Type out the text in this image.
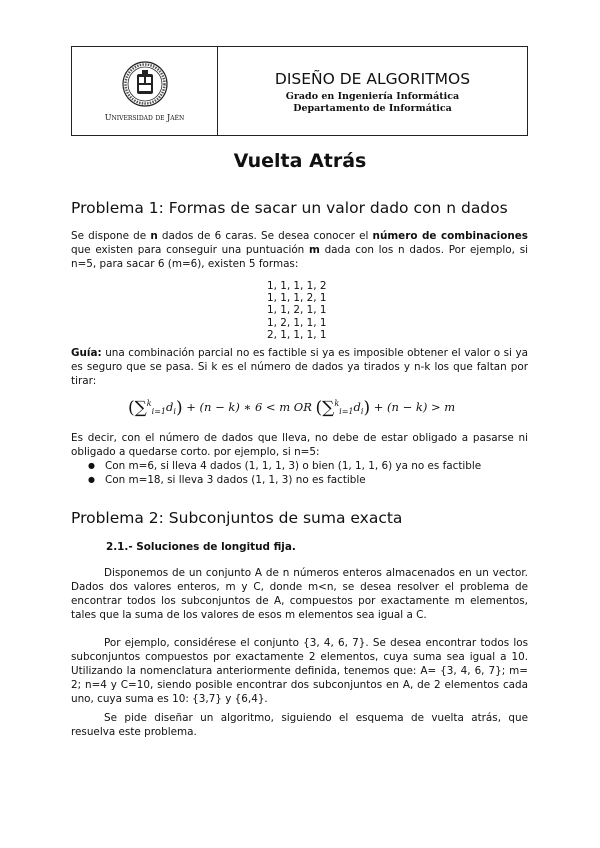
Universidad de Jaén
DISEÑO DE ALGORITMOS
Grado en Ingeniería Informática
Departamento de Informática
Vuelta Atrás
Problema 1: Formas de sacar un valor dado con n dados

Se dispone de n dados de 6 caras. Se desea conocer el número de combinaciones que existen para conseguir una puntuación m dada con los n dados. Por ejemplo, si n=5, para sacar 6 (m=6), existen 5 formas:

1, 1, 1, 1, 2
1, 1, 1, 2, 1
1, 1, 2, 1, 1
1, 2, 1, 1, 1
2, 1, 1, 1, 1

Guía: una combinación parcial no es factible si ya es imposible obtener el valor o si ya es seguro que se pasa. Si k es el número de dados ya tirados y n-k los que faltan por tirar:

$(\sum^k_{i=1}d_i) + (n - k)$ ∗ 6 < m OR $(\sum^k_{i=1}d_i) + (n - k) > m$

Es decir, con el número de dados que lleva, no debe de estar obligado a pasarse ni obligado a quedarse corto. por ejemplo, si n=5:

● Con m=6, si lleva 4 dados (1, 1, 1, 3) o bien (1, 1, 1, 6) ya no es factible
● Con m=18, si lleva 3 dados (1, 1, 3) no es factible
Problema 2: Subconjuntos de suma exacta
2.1.- Soluciones de longitud fija.

Disponemos de un conjunto A de n números enteros almacenados en un vector. Dados dos valores enteros, m y C, donde m<n, se desea resolver el problema de encontrar todos los subconjuntos de A, compuestos por exactamente m elementos, tales que la suma de los valores de esos m elementos sea igual a C.

Por ejemplo, considérese el conjunto {3, 4, 6, 7}. Se desea encontrar todos los subconjuntos compuestos por exactamente 2 elementos, cuya suma sea igual a 10. Utilizando la nomenclatura anteriormente definida, tenemos que: A= {3, 4, 6, 7}; m= 2; n=4 y C=10, siendo posible encontrar dos subconjuntos en A, de 2 elementos cada uno, cuya suma es 10: {3,7} y {6,4}.

Se pide diseñar un algoritmo, siguiendo el esquema de vuelta atrás, que resuelva este problema.
